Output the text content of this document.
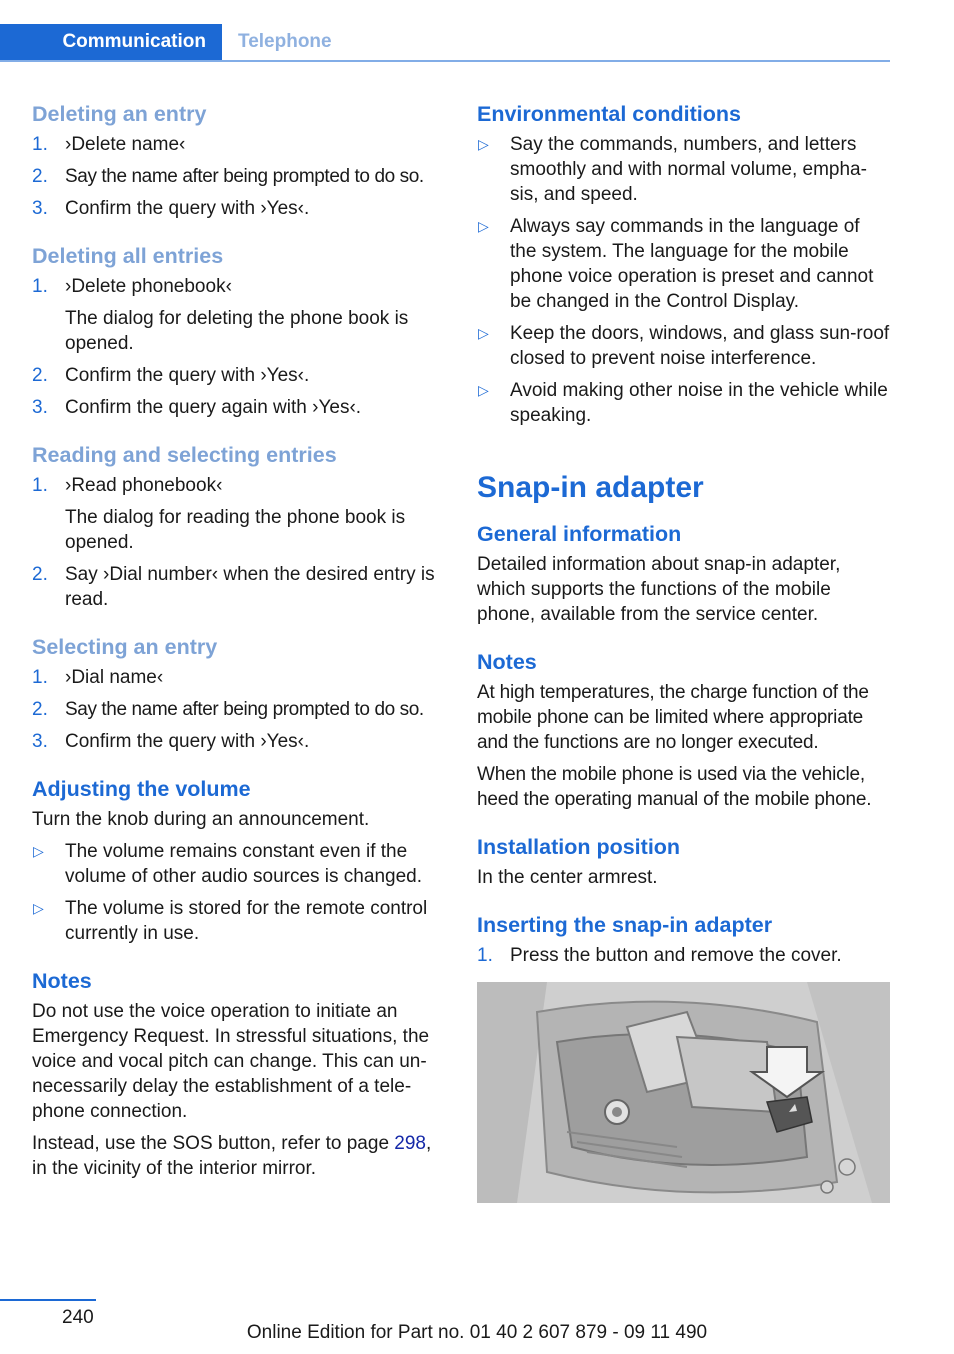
Communication	Telephone
Deleting an entry
1. ›Delete name‹
2. Say the name after being prompted to do so.
3. Confirm the query with ›Yes‹.
Deleting all entries
1. ›Delete phonebook‹
The dialog for deleting the phone book is opened.
2. Confirm the query with ›Yes‹.
3. Confirm the query again with ›Yes‹.
Reading and selecting entries
1. ›Read phonebook‹
The dialog for reading the phone book is opened.
2. Say ›Dial number‹ when the desired entry is read.
Selecting an entry
1. ›Dial name‹
2. Say the name after being prompted to do so.
3. Confirm the query with ›Yes‹.
Adjusting the volume

Turn the knob during an announcement.

▷	The volume remains constant even if the volume of other audio sources is changed.
▷	The volume is stored for the remote control currently in use.
Notes

Do not use the voice operation to initiate an Emergency Request. In stressful situations, the voice and vocal pitch can change. This can un-necessarily delay the establishment of a tele-phone connection.

Instead, use the SOS button, refer to page 298, in the vicinity of the interior mirror.

Environmental conditions
▷	Say the commands, numbers, and letters smoothly and with normal volume, empha-sis, and speed.
▷	Always say commands in the language of the system. The language for the mobile phone voice operation is preset and cannot be changed in the Control Display.
▷	Keep the doors, windows, and glass sun-roof closed to prevent noise interference.
▷	Avoid making other noise in the vehicle while speaking.
Snap-in adapter
General information

Detailed information about snap-in adapter, which supports the functions of the mobile phone, available from the service center.

Notes

At high temperatures, the charge function of the mobile phone can be limited where appropriate and the functions are no longer executed.

When the mobile phone is used via the vehicle, heed the operating manual of the mobile phone.

Installation position

In the center armrest.

Inserting the snap-in adapter
1. Press the button and remove the cover.
240
Online Edition for Part no. 01 40 2 607 879 - 09 11 490
